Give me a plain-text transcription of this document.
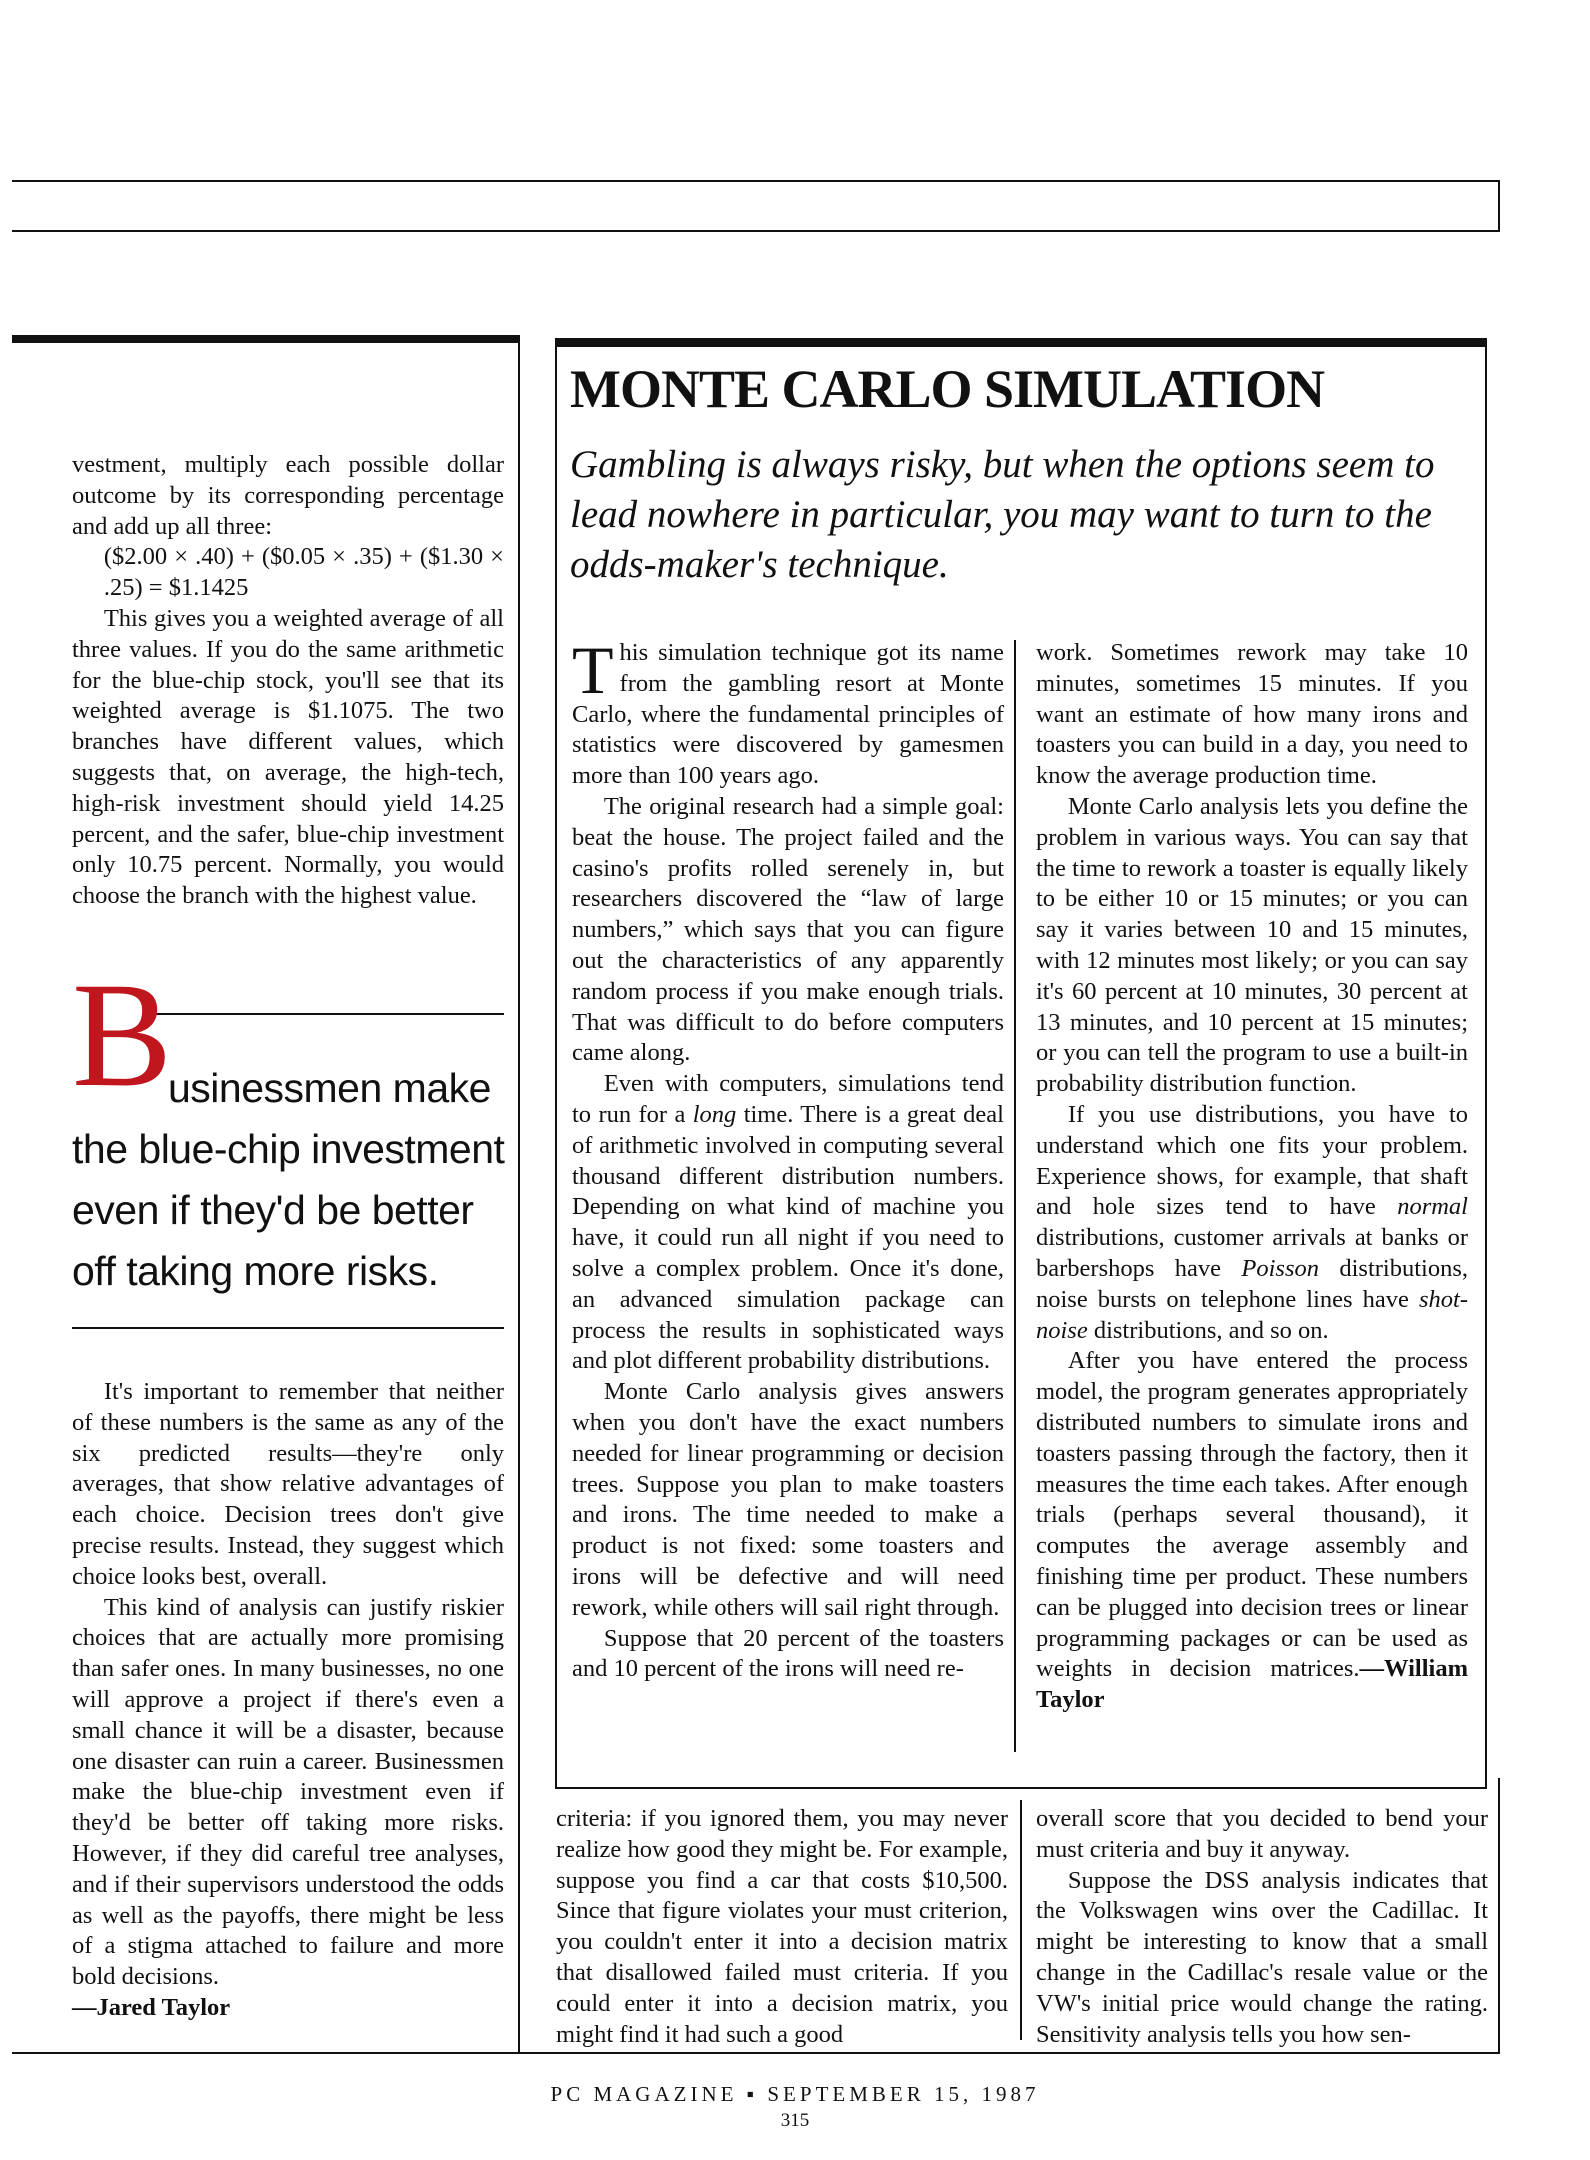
vestment, multiply each possible dollar outcome by its corresponding percentage and add up all three:

($2.00 × .40) + ($0.05 × .35) + ($1.30 × .25) = $1.1425

This gives you a weighted average of all three values. If you do the same arithmetic for the blue-chip stock, you'll see that its weighted average is $1.1075. The two branches have different values, which suggests that, on average, the high-tech, high-risk investment should yield 14.25 percent, and the safer, blue-chip investment only 10.75 percent. Normally, you would choose the branch with the highest value.

B
usinessmen make

the blue-chip investment even if they'd be better off taking more risks.

It's important to remember that neither of these numbers is the same as any of the six predicted results—they're only averages, that show relative advantages of each choice. Decision trees don't give precise results. Instead, they suggest which choice looks best, overall.

This kind of analysis can justify riskier choices that are actually more promising than safer ones. In many businesses, no one will approve a project if there's even a small chance it will be a disaster, because one disaster can ruin a career. Businessmen make the blue-chip investment even if they'd be better off taking more risks. However, if they did careful tree analyses, and if their supervisors understood the odds as well as the payoffs, there might be less of a stigma attached to failure and more bold decisions.

—Jared Taylor

MONTE CARLO SIMULATION

Gambling is always risky, but when the options seem to lead nowhere in particular, you may want to turn to the odds-maker's technique.

This simulation technique got its name from the gambling resort at Monte Carlo, where the fundamental principles of statistics were discovered by gamesmen more than 100 years ago.

The original research had a simple goal: beat the house. The project failed and the casino's profits rolled serenely in, but researchers discovered the “law of large numbers,” which says that you can figure out the characteristics of any apparently random process if you make enough trials. That was difficult to do before computers came along.

Even with computers, simulations tend to run for a long time. There is a great deal of arithmetic involved in computing several thousand different distribution numbers. Depending on what kind of machine you have, it could run all night if you need to solve a complex problem. Once it's done, an advanced simulation package can process the results in sophisticated ways and plot different probability distributions.

Monte Carlo analysis gives answers when you don't have the exact numbers needed for linear programming or decision trees. Suppose you plan to make toasters and irons. The time needed to make a product is not fixed: some toasters and irons will be defective and will need rework, while others will sail right through.

Suppose that 20 percent of the toasters and 10 percent of the irons will need re-

work. Sometimes rework may take 10 minutes, sometimes 15 minutes. If you want an estimate of how many irons and toasters you can build in a day, you need to know the average production time.

Monte Carlo analysis lets you define the problem in various ways. You can say that the time to rework a toaster is equally likely to be either 10 or 15 minutes; or you can say it varies between 10 and 15 minutes, with 12 minutes most likely; or you can say it's 60 percent at 10 minutes, 30 percent at 13 minutes, and 10 percent at 15 minutes; or you can tell the program to use a built-in probability distribution function.

If you use distributions, you have to understand which one fits your problem. Experience shows, for example, that shaft and hole sizes tend to have normal distributions, customer arrivals at banks or barbershops have Poisson distributions, noise bursts on telephone lines have shot-noise distributions, and so on.

After you have entered the process model, the program generates appropriately distributed numbers to simulate irons and toasters passing through the factory, then it measures the time each takes. After enough trials (perhaps several thousand), it computes the average assembly and finishing time per product. These numbers can be plugged into decision trees or linear programming packages or can be used as weights in decision matrices.—William Taylor

criteria: if you ignored them, you may never realize how good they might be. For example, suppose you find a car that costs $10,500. Since that figure violates your must criterion, you couldn't enter it into a decision matrix that disallowed failed must criteria. If you could enter it into a decision matrix, you might find it had such a good

overall score that you decided to bend your must criteria and buy it anyway.

Suppose the DSS analysis indicates that the Volkswagen wins over the Cadillac. It might be interesting to know that a small change in the Cadillac's resale value or the VW's initial price would change the rating. Sensitivity analysis tells you how sen-

PC MAGAZINE ▪ SEPTEMBER 15, 1987
315
